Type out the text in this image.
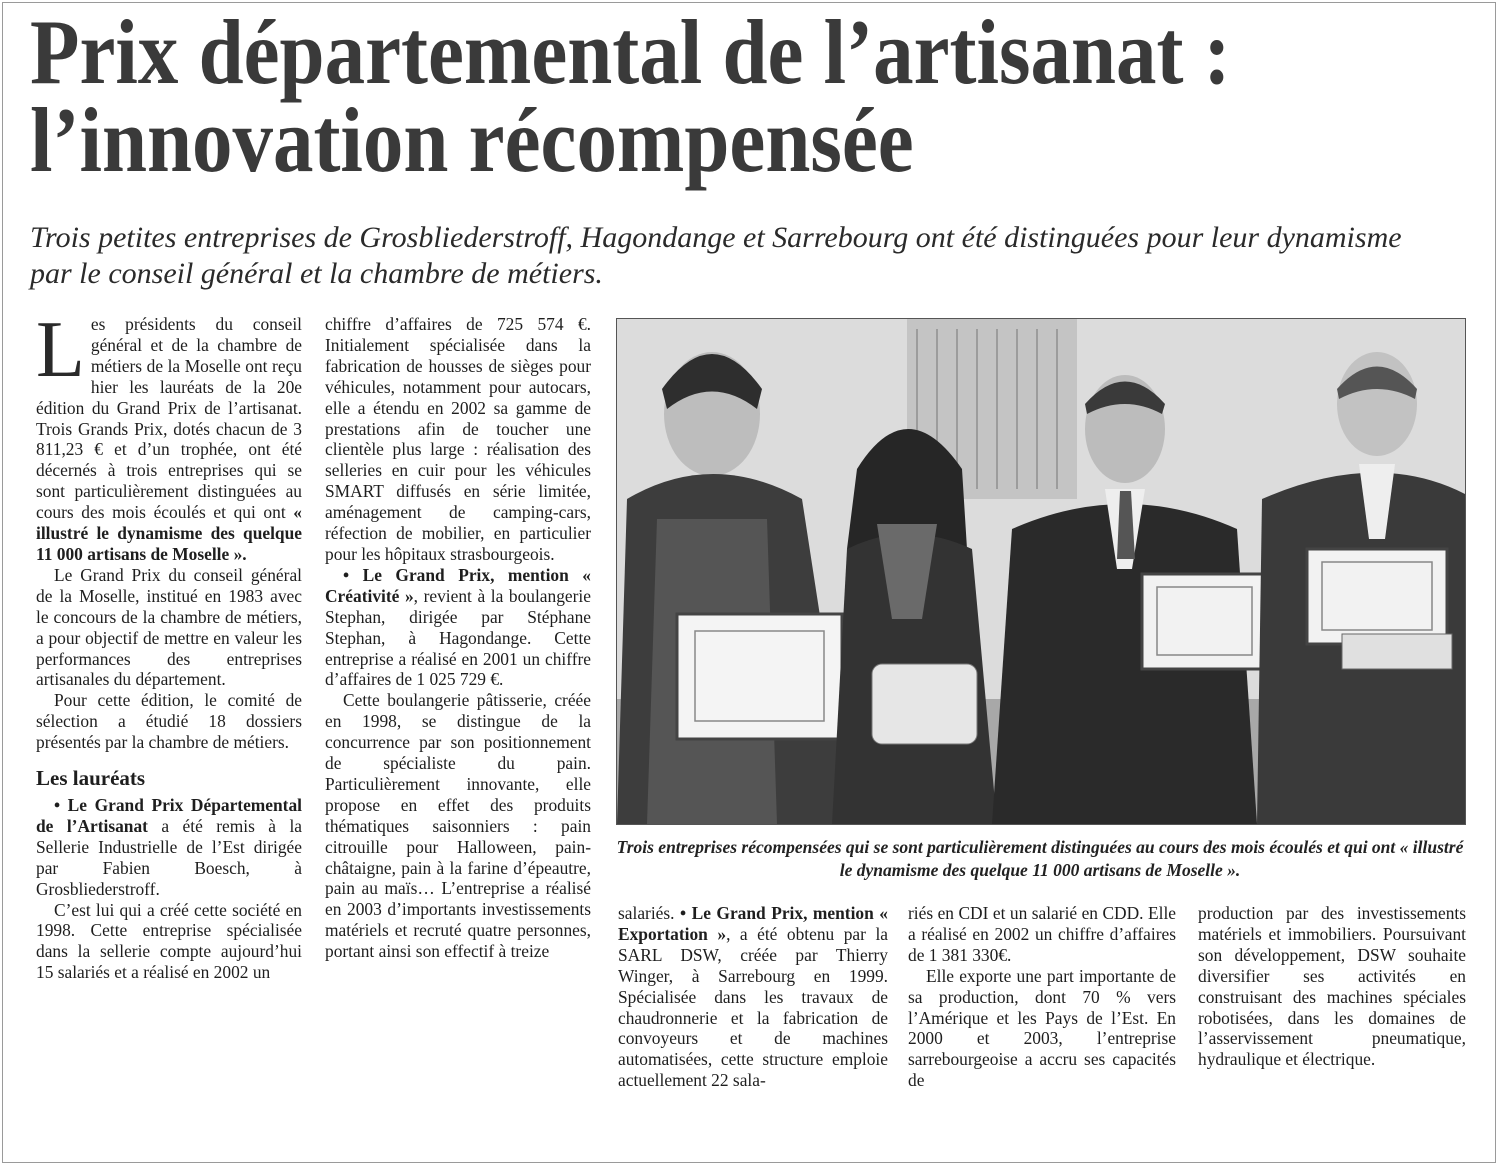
Prix départemental de l’artisanat :
l’innovation récompensée

Trois petites entreprises de Grosbliederstroff, Hagondange et Sarrebourg ont été distinguées pour leur dynamisme par le conseil général et la chambre de métiers.

Les présidents du conseil général et de la chambre de métiers de la Moselle ont reçu hier les lauréats de la 20e édition du Grand Prix de l’artisanat. Trois Grands Prix, dotés chacun de 3 811,23 € et d’un trophée, ont été décernés à trois entreprises qui se sont particulièrement distinguées au cours des mois écoulés et qui ont « illustré le dynamisme des quelque 11 000 artisans de Moselle ».

Le Grand Prix du conseil général de la Moselle, institué en 1983 avec le concours de la chambre de métiers, a pour objectif de mettre en valeur les performances des entreprises artisanales du département.

Pour cette édition, le comité de sélection a étudié 18 dossiers présentés par la chambre de métiers.

Les lauréats

• Le Grand Prix Départemental de l’Artisanat a été remis à la Sellerie Industrielle de l’Est dirigée par Fabien Boesch, à Grosbliederstroff.

C’est lui qui a créé cette société en 1998. Cette entreprise spécialisée dans la sellerie compte aujourd’hui 15 salariés et a réalisé en 2002 un

chiffre d’affaires de 725 574 €. Initialement spécialisée dans la fabrication de housses de sièges pour véhicules, notamment pour autocars, elle a étendu en 2002 sa gamme de prestations afin de toucher une clientèle plus large : réalisation des selleries en cuir pour les véhicules SMART diffusés en série limitée, aménagement de camping-cars, réfection de mobilier, en particulier pour les hôpitaux strasbourgeois.

• Le Grand Prix, mention « Créativité », revient à la boulangerie Stephan, dirigée par Stéphane Stephan, à Hagondange. Cette entreprise a réalisé en 2001 un chiffre d’affaires de 1 025 729 €.

Cette boulangerie pâtisserie, créée en 1998, se distingue de la concurrence par son positionnement de spécialiste du pain. Particulièrement innovante, elle propose en effet des produits thématiques saisonniers : pain citrouille pour Halloween, pain-châtaigne, pain à la farine d’épeautre, pain au maïs… L’entreprise a réalisé en 2003 d’importants investissements matériels et recruté quatre personnes, portant ainsi son effectif à treize

Trois entreprises récompensées qui se sont particulièrement distinguées au cours des mois écoulés et qui ont « illustré le dynamisme des quelque 11 000 artisans de Moselle ».

salariés. • Le Grand Prix, mention « Exportation », a été obtenu par la SARL DSW, créée par Thierry Winger, à Sarrebourg en 1999. Spécialisée dans les travaux de chaudronnerie et la fabrication de convoyeurs et de machines automatisées, cette structure emploie actuellement 22 sala-

riés en CDI et un salarié en CDD. Elle a réalisé en 2002 un chiffre d’affaires de 1 381 330€.

Elle exporte une part importante de sa production, dont 70 % vers l’Amérique et les Pays de l’Est. En 2000 et 2003, l’entreprise sarrebourgeoise a accru ses capacités de

production par des investissements matériels et immobiliers. Poursuivant son développement, DSW souhaite diversifier ses activités en construisant des machines spéciales robotisées, dans les domaines de l’asservissement pneumatique, hydraulique et électrique.
